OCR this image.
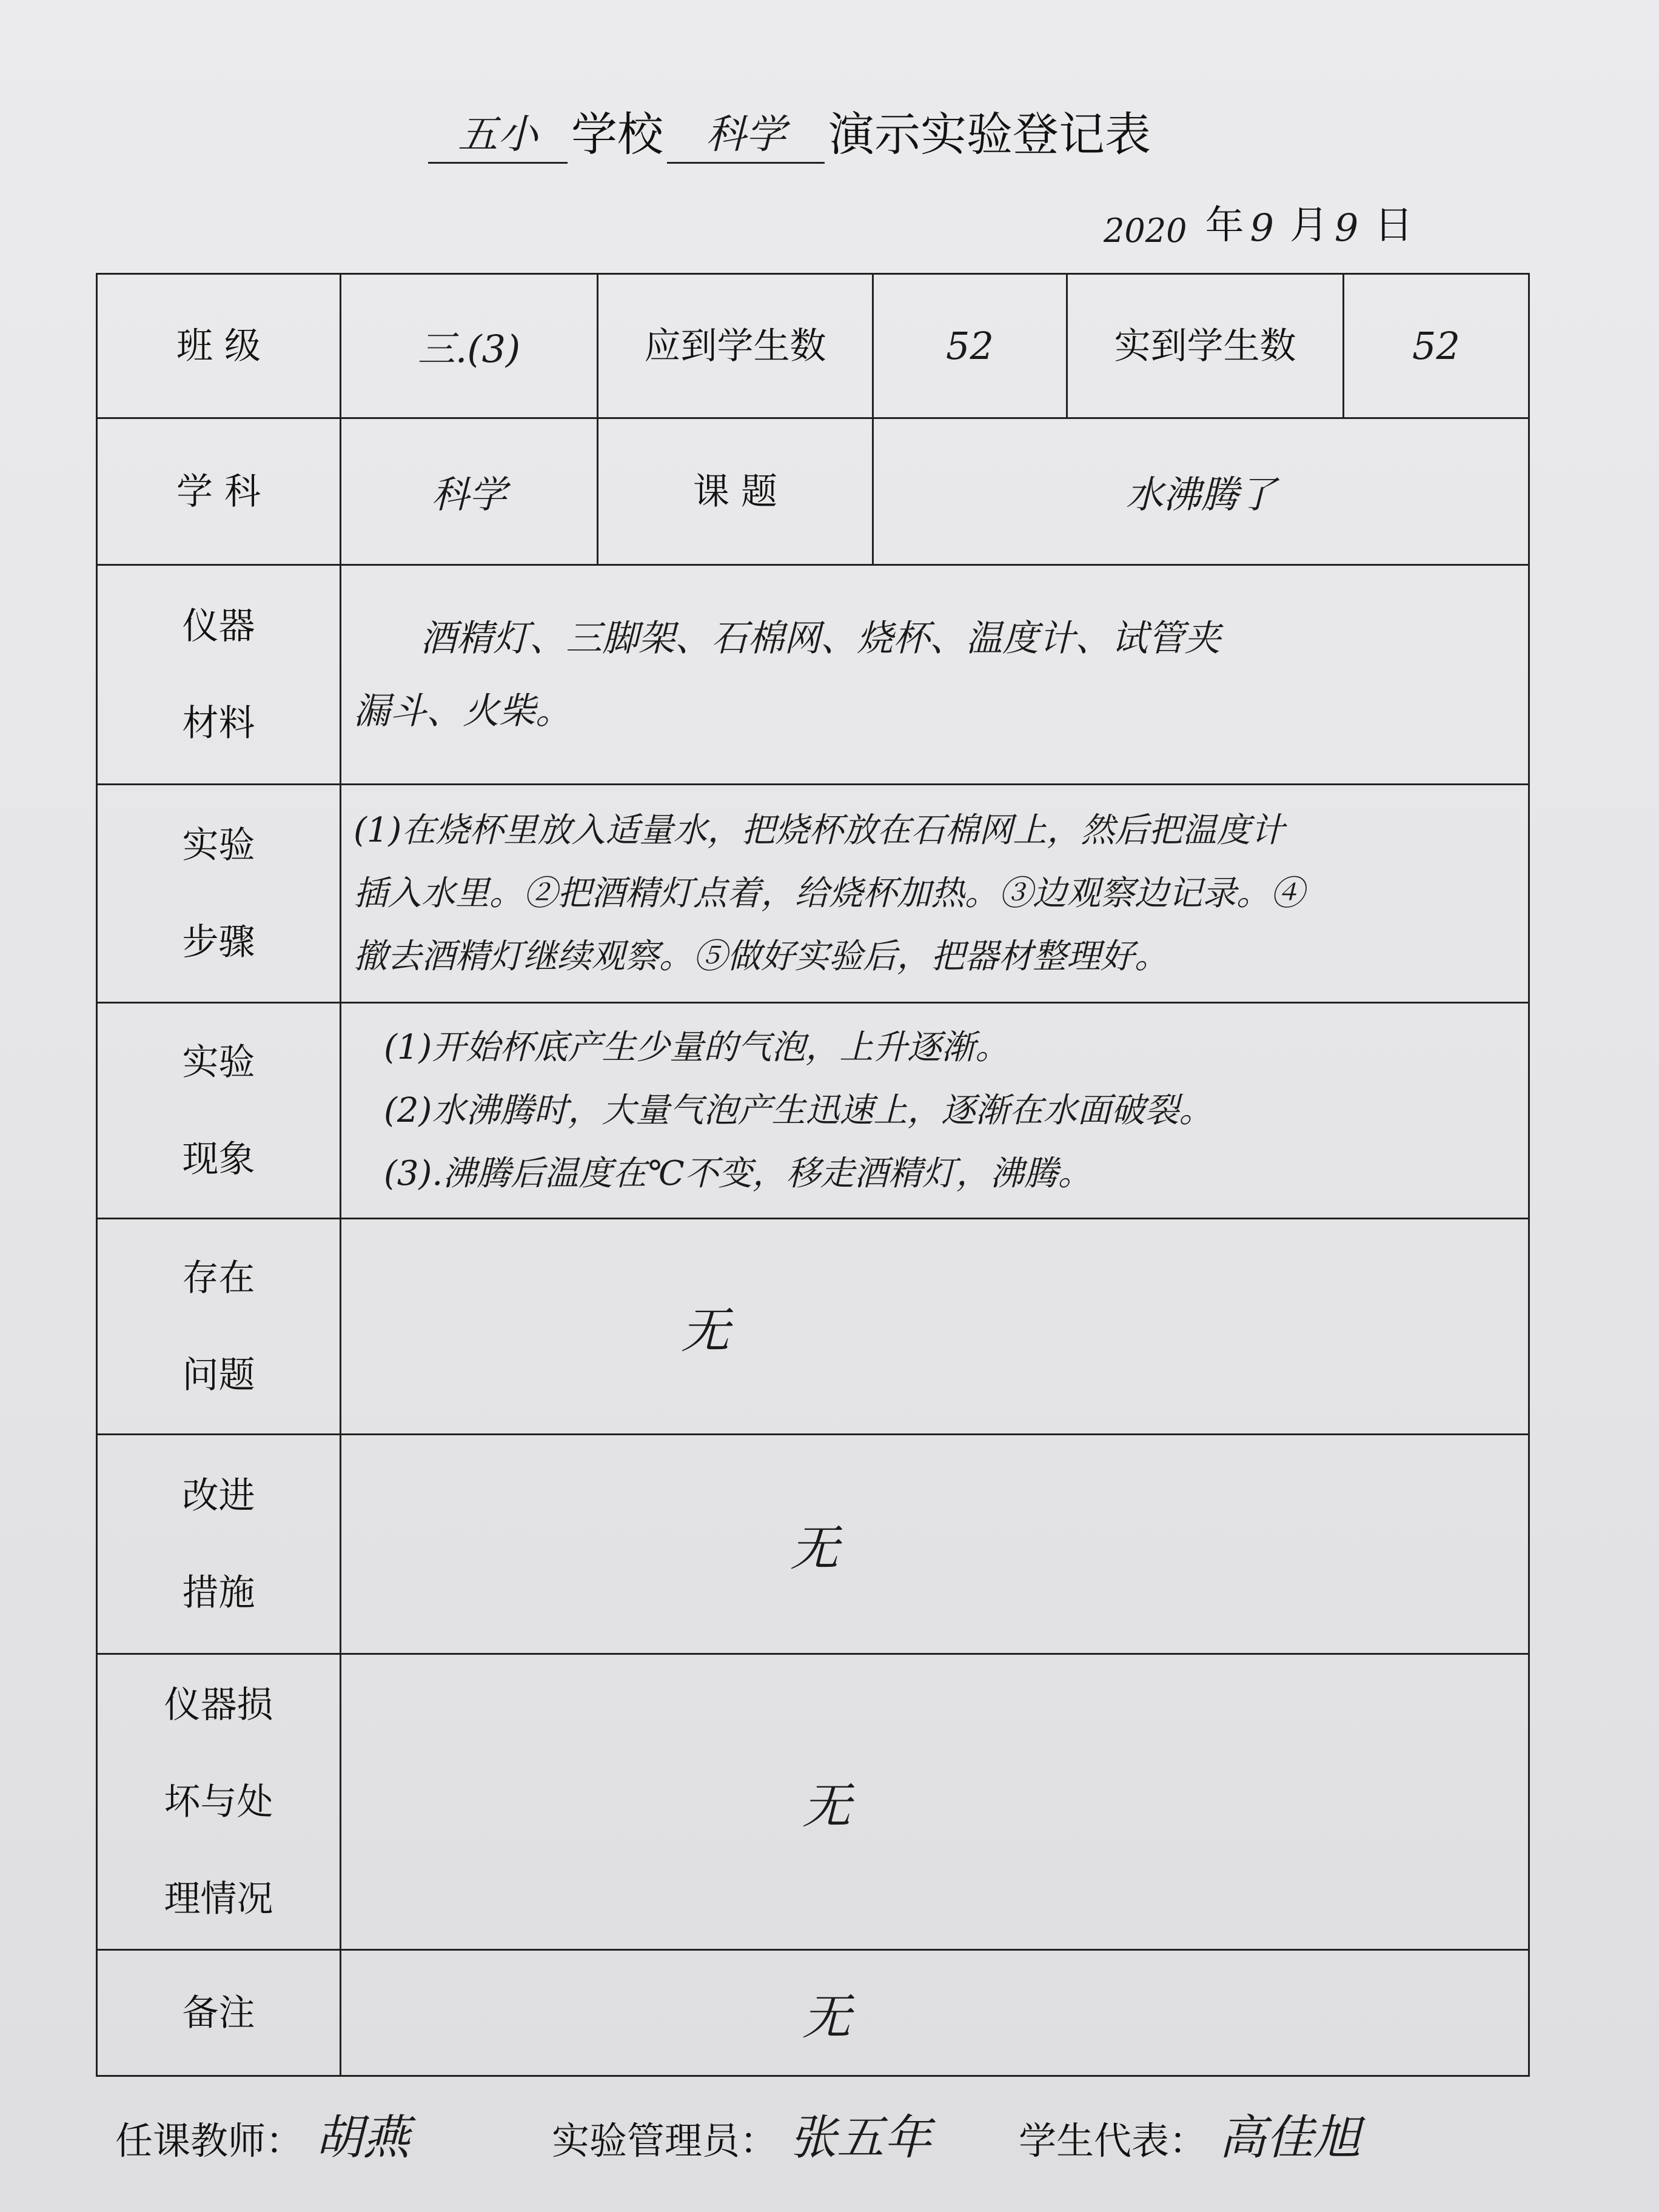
五小 学校	科学 演示实验登记表
2020 年 9 月 9 日
班 级	三.(3)	应到学生数	52	实到学生数	52
学 科	科学	课 题	水沸腾了		

仪器
材料	酒精灯、三脚架、石棉网、烧杯、温度计、试管夹
漏斗、火柴。				

实验
步骤	(1)在烧杯里放入适量水，把烧杯放在石棉网上，然后把温度计
插入水里。②把酒精灯点着，给烧杯加热。③边观察边记录。④
撤去酒精灯继续观察。⑤做好实验后，把器材整理好。				

实验
现象	(1)开始杯底产生少量的气泡，上升逐渐。
(2)水沸腾时，大量气泡产生迅速上，逐渐在水面破裂。
(3).沸腾后温度在℃不变，移走酒精灯，沸腾。				

存在
问题	无				

改进
措施	无				

仪器损
坏与处
理情况	无				
备注	无				
任课教师： 胡燕	实验管理员： 张五年 学生代表： 高佳旭
